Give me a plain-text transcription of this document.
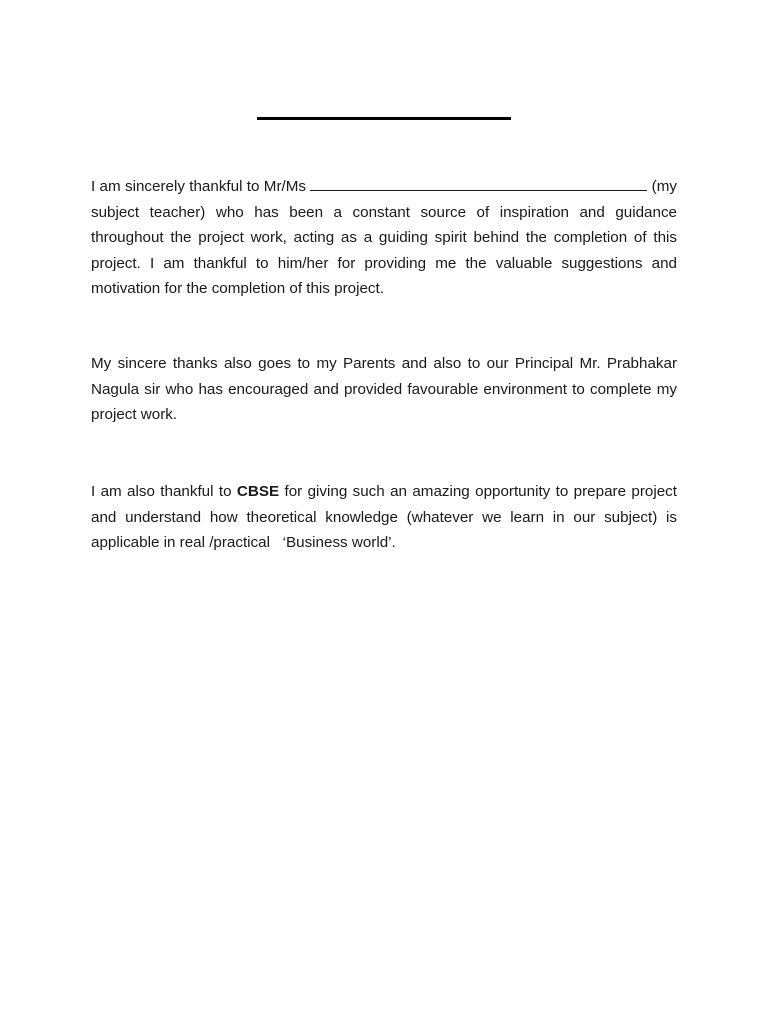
I am sincerely thankful to Mr/Ms	(my subject teacher) who has been a constant source of inspiration and guidance throughout the project work, acting as a guiding spirit behind the completion of this project. I am thankful to him/her for providing me the valuable suggestions and motivation for the completion of this project.

My sincere thanks also goes to my Parents and also to our Principal Mr. Prabhakar Nagula sir who has encouraged and provided favourable environment to complete my project work.

I am also thankful to CBSE for giving such an amazing opportunity to prepare project and understand how theoretical knowledge (whatever we learn in our subject) is applicable in real /practical   ‘Business world’.
